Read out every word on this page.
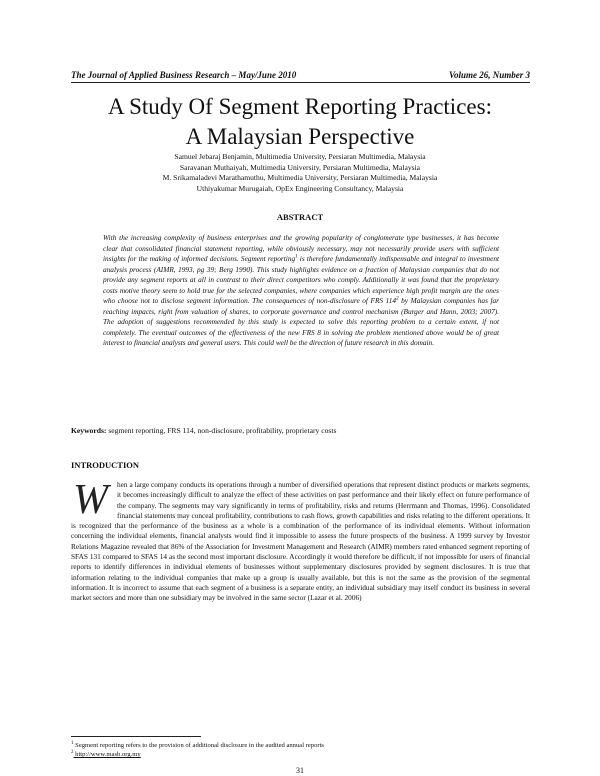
The Journal of Applied Business Research – May/June 2010	Volume 26, Number 3
A Study Of Segment Reporting Practices:
A Malaysian Perspective
Samuel Jebaraj Benjamin, Multimedia University, Persiaran Multimedia, Malaysia
Saravanan Muthaiyah, Multimedia University, Persiaran Multimedia, Malaysia
M. Srikamaladevi Marathamuthu, Multimedia University, Persiaran Multimedia, Malaysia
Uthiyakumar Murugaiah, OpEx Engineering Consultancy, Malaysia
ABSTRACT
With the increasing complexity of business enterprises and the growing popularity of conglomerate type businesses, it has become clear that consolidated financial statement reporting, while obviously necessary, may not necessarily provide users with sufficient insights for the making of informed decisions. Segment reporting$^1$ is therefore fundamentally indispensable and integral to investment analysis process (AIMR, 1993, pg 39; Berg 1990). This study highlights evidence on a fraction of Malaysian companies that do not provide any segment reports at all in contrast to their direct competitors who comply. Additionally it was found that the proprietary costs motive theory seem to hold true for the selected companies, where companies which experience high profit margin are the ones who choose not to disclose segment information. The consequences of non-disclosure of FRS $114^2$ by Malaysian companies has far reaching impacts, right from valuation of shares, to corporate governance and control mechanism (Burger and Hann, 2003; 2007). The adoption of suggestions recommended by this study is expected to solve this reporting problem to a certain extent, if not completely. The eventual outcomes of the effectiveness of the new FRS 8 in solving the problem mentioned above would be of great interest to financial analysts and general users. This could well be the direction of future research in this domain.
Keywords: segment reporting, FRS 114, non-disclosure, profitability, proprietary costs
INTRODUCTION
W hen a large company conducts its operations through a number of diversified operations that represent distinct products or markets segments, it becomes increasingly difficult to analyze the effect of these activities on past performance and their likely effect on future performance of the company. The segments may vary significantly in terms of profitability, risks and returns (Herrmann and Thomas, 1996). Consolidated financial statements may conceal profitability, contributions to cash flows, growth capabilities and risks relating to the different operations. It is recognized that the performance of the business as a whole is a combination of the performance of its individual elements. Without information concerning the individual elements, financial analysts would find it impossible to assess the future prospects of the business. A 1999 survey by Investor Relations Magazine revealed that 86% of the Association for Investment Management and Research (AIMR) members rated enhanced segment reporting of SFAS 131 compared to SFAS 14 as the second most important disclosure. Accordingly it would therefore be difficult, if not impossible for users of financial reports to identify differences in individual elements of businesses without supplementary disclosures provided by segment disclosures. It is true that information relating to the individual companies that make up a group is usually available, but this is not the same as the provision of the segmental information. It is incorrect to assume that each segment of a business is a separate entity, an individual subsidiary may itself conduct its business in several market sectors and more than one subsidiary may be involved in the same sector (Lazar et al. 2006)
$^1$ Segment reporting refers to the provision of additional disclosure in the audited annual reports
$^2$ http://www.masb.org.my
31
